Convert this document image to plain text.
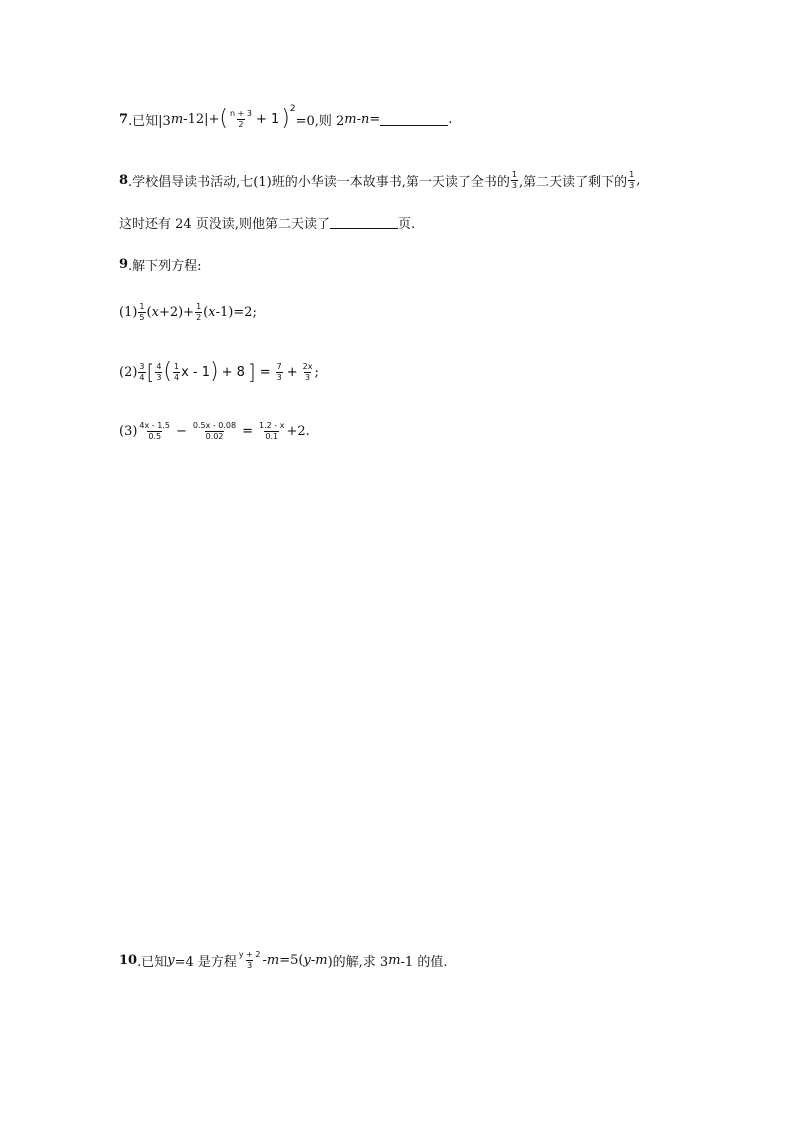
7 .已知|3 m -12|+ ( $\frac{n + 3}{2} + 1$ ) 2
=0,则 2 m - n =	.
8 .学校倡导读书活动,七(1)班的小华读一本故事书,第一天读了全书的 $\frac{1}{3}$ ,第二天读了剩下的 $\frac{1}{3}$ ,
这时还有 24 页没读,则他第二天读了	页.
9 .解下列方程:
$(1) \frac{1}{5}$ ( $x +2)+ \frac{1}{2}$ ( x -1)=2;
$(2) \frac{3}{4}$ [ $\frac{4}{3}$ ( $\frac{1}{4}$ x - 1 ) + 8 ] = $\frac{7}{3} + \frac{2x}{3}$ ;
$(3) \frac{4x - 1.5}{0.5} - \frac{0.5x - 0.08}{0.02} = \frac{1.2 - x}{0.1} +2$.
10 .已知 y =4 是方程 $\frac{y + 2}{3} - m =5$( y - m )的解,求 3 m -1 的值.
